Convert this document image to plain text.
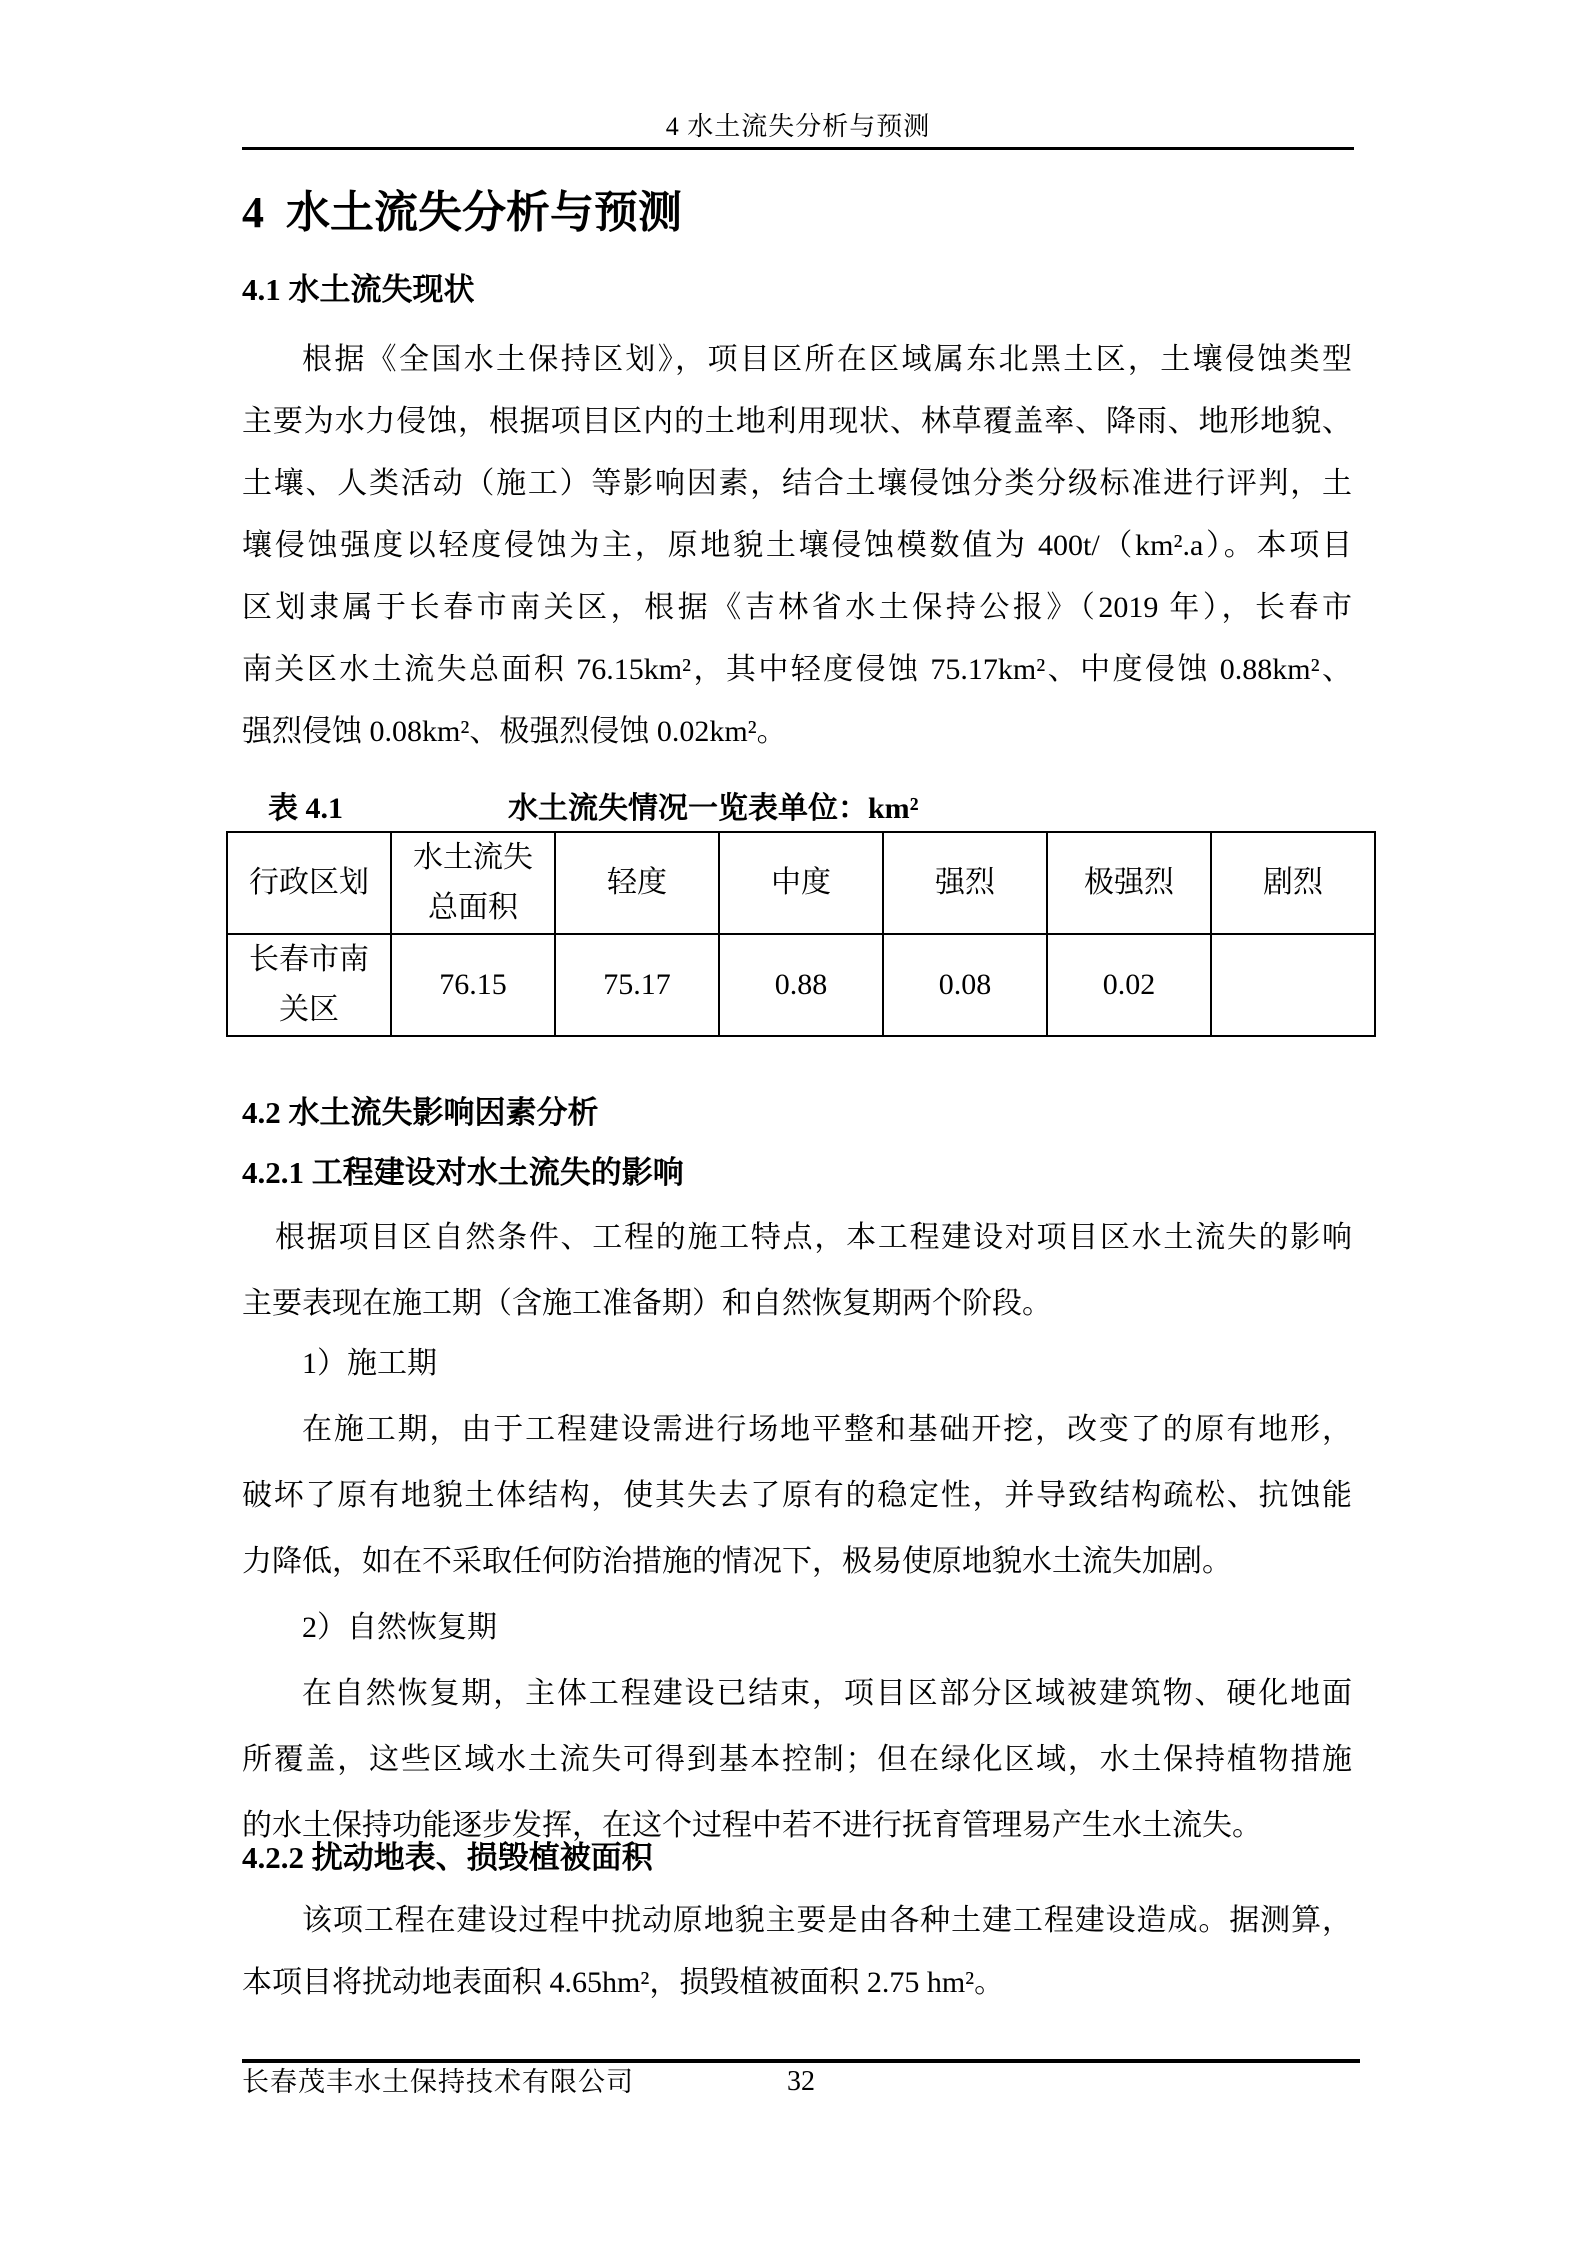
4 水土流失分析与预测
4  水土流失分析与预测
4.1 水土流失现状
根据《全国水土保持区划》，项目区所在区域属东北黑土区，土壤侵蚀类型
主要为水力侵蚀，根据项目区内的土地利用现状、林草覆盖率、降雨、地形地貌、
土壤、人类活动（施工）等影响因素，结合土壤侵蚀分类分级标准进行评判，土
壤侵蚀强度以轻度侵蚀为主，原地貌土壤侵蚀模数值为 400t/（km².a）。本项目
区划隶属于长春市南关区，根据《吉林省水土保持公报》（2019 年），长春市
南关区水土流失总面积 76.15km²，其中轻度侵蚀 75.17km²、中度侵蚀 0.88km²、
强烈侵蚀 0.08km²、极强烈侵蚀 0.02km²。
表 4.1	水土流失情况一览表单位：km²
行政区划	水土流失总面积	轻度	中度	强烈	极强烈	剧烈
长春市南关区	76.15	75.17	0.88	0.08	0.02	
4.2 水土流失影响因素分析
4.2.1 工程建设对水土流失的影响
根据项目区自然条件、工程的施工特点，本工程建设对项目区水土流失的影响
主要表现在施工期（含施工准备期）和自然恢复期两个阶段。
1）施工期
在施工期，由于工程建设需进行场地平整和基础开挖，改变了的原有地形，
破坏了原有地貌土体结构，使其失去了原有的稳定性，并导致结构疏松、抗蚀能
力降低，如在不采取任何防治措施的情况下，极易使原地貌水土流失加剧。
2）自然恢复期
在自然恢复期，主体工程建设已结束，项目区部分区域被建筑物、硬化地面
所覆盖，这些区域水土流失可得到基本控制；但在绿化区域，水土保持植物措施
的水土保持功能逐步发挥，在这个过程中若不进行抚育管理易产生水土流失。
4.2.2 扰动地表、损毁植被面积
该项工程在建设过程中扰动原地貌主要是由各种土建工程建设造成。据测算，
本项目将扰动地表面积 4.65hm²，损毁植被面积 2.75 hm²。
长春茂丰水土保持技术有限公司	32
